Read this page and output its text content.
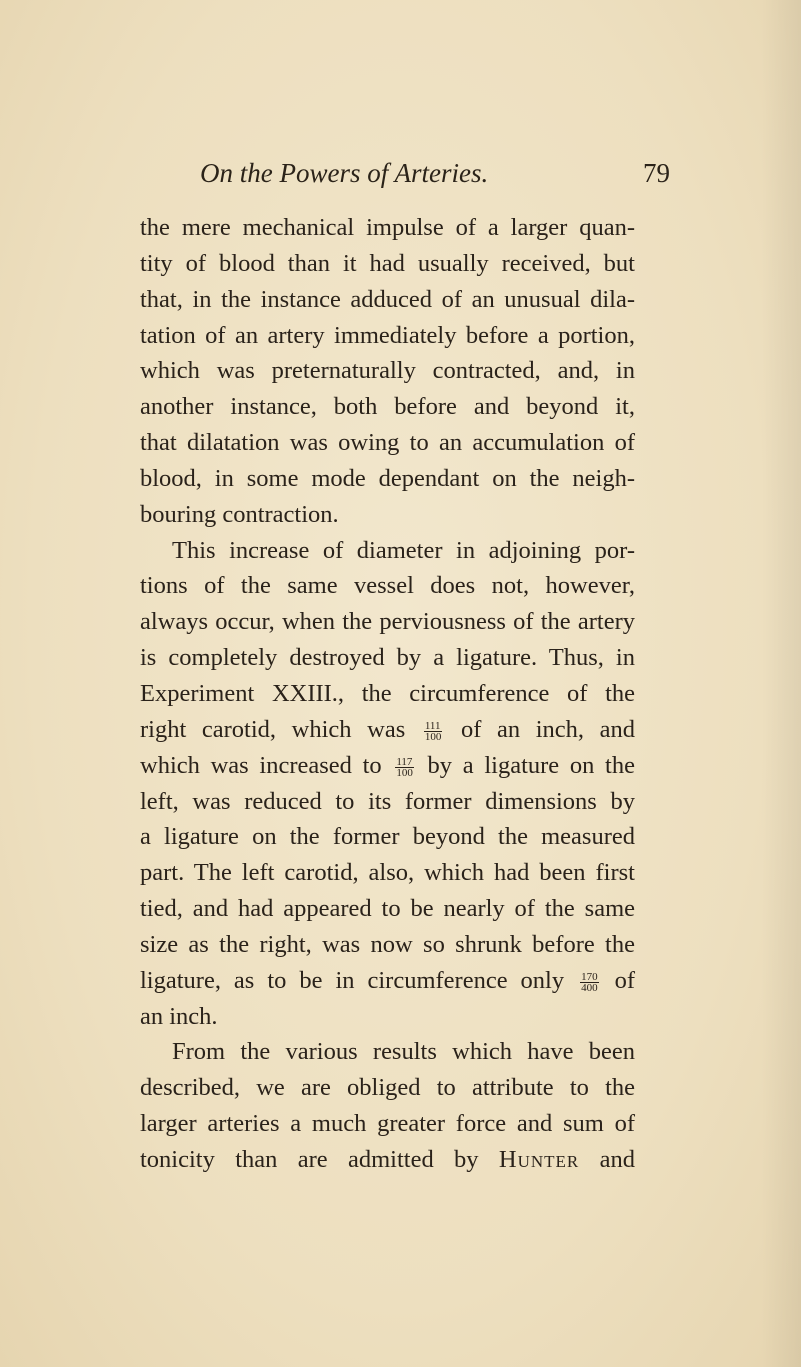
On the Powers of Arteries.	79
the mere mechanical impulse of a larger quan-
tity of blood than it had usually received, but
that, in the instance adduced of an unusual dila-
tation of an artery immediately before a portion,
which was preternaturally contracted, and, in
another instance, both before and beyond it,
that dilatation was owing to an accumulation of
blood, in some mode dependant on the neigh-
bouring contraction.
This increase of diameter in adjoining por-
tions of the same vessel does not, however,
always occur, when the perviousness of the artery
is completely destroyed by a ligature. Thus, in
Experiment XXIII., the circumference of the
right carotid, which was $\frac{111}{100}$ of an inch, and
which was increased to $\frac{117}{100}$ by a ligature on the
left, was reduced to its former dimensions by
a ligature on the former beyond the measured
part. The left carotid, also, which had been first
tied, and had appeared to be nearly of the same
size as the right, was now so shrunk before the
ligature, as to be in circumference only $\frac{170}{400}$ of
an inch.
From the various results which have been
described, we are obliged to attribute to the
larger arteries a much greater force and sum of
tonicity than are admitted by Hunter and
